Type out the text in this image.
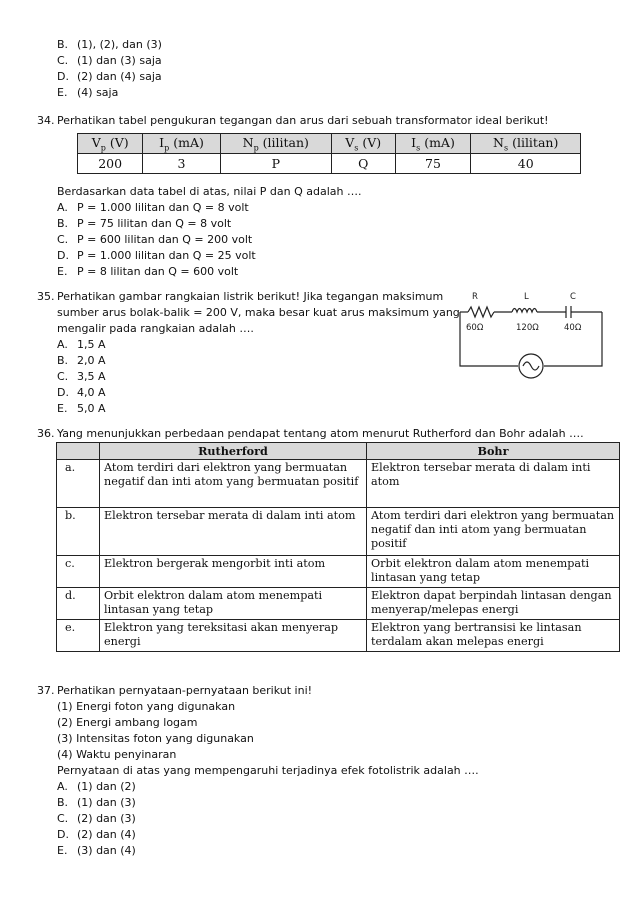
B. (1), (2), dan (3)
C. (1) dan (3) saja
D. (2) dan (4) saja
E. (4) saja
34. Perhatikan tabel pengukuran tegangan dan arus dari sebuah transformator ideal berikut!
$V_p$ (V)	$I_p$ (mA)	$N_p$ (lilitan)	$V_s$ (V)	$I_s$ (mA)	$N_s$ (lilitan)
200	3	P	Q	75	40
Berdasarkan data tabel di atas, nilai P dan Q adalah ….
A. P = 1.000 lilitan dan Q = 8 volt
B. P = 75 lilitan dan Q = 8 volt
C. P = 600 lilitan dan Q = 200 volt
D. P = 1.000 lilitan dan Q = 25 volt
E. P = 8 lilitan dan Q = 600 volt
35. Perhatikan gambar rangkaian listrik berikut! Jika tegangan maksimum
sumber arus bolak-balik = 200 V, maka besar kuat arus maksimum yang
mengalir pada rangkaian adalah ….
R	L	C
60Ω	120Ω	40Ω
A. 1,5 A
B. 2,0 A
C. 3,5 A
D. 4,0 A
E. 5,0 A
36. Yang menunjukkan perbedaan pendapat tentang atom menurut Rutherford dan Bohr adalah ….
	Rutherford	Bohr
a.	Atom terdiri dari elektron yang bermuatan negatif dan inti atom yang bermuatan positif	Elektron tersebar merata di dalam inti atom
b.	Elektron tersebar merata di dalam inti atom	Atom terdiri dari elektron yang bermuatan negatif dan inti atom yang bermuatan positif
c.	Elektron bergerak mengorbit inti atom	Orbit elektron dalam atom menempati lintasan yang tetap
d.	Orbit elektron dalam atom menempati lintasan yang tetap	Elektron dapat berpindah lintasan dengan menyerap/melepas energi
e.	Elektron yang tereksitasi akan menyerap energi	Elektron yang bertransisi ke lintasan terdalam akan melepas energi
37. Perhatikan pernyataan-pernyataan berikut ini!
(1) Energi foton yang digunakan
(2) Energi ambang logam
(3) Intensitas foton yang digunakan
(4) Waktu penyinaran
Pernyataan di atas yang mempengaruhi terjadinya efek fotolistrik adalah ….
A. (1) dan (2)
B. (1) dan (3)
C. (2) dan (3)
D. (2) dan (4)
E. (3) dan (4)
